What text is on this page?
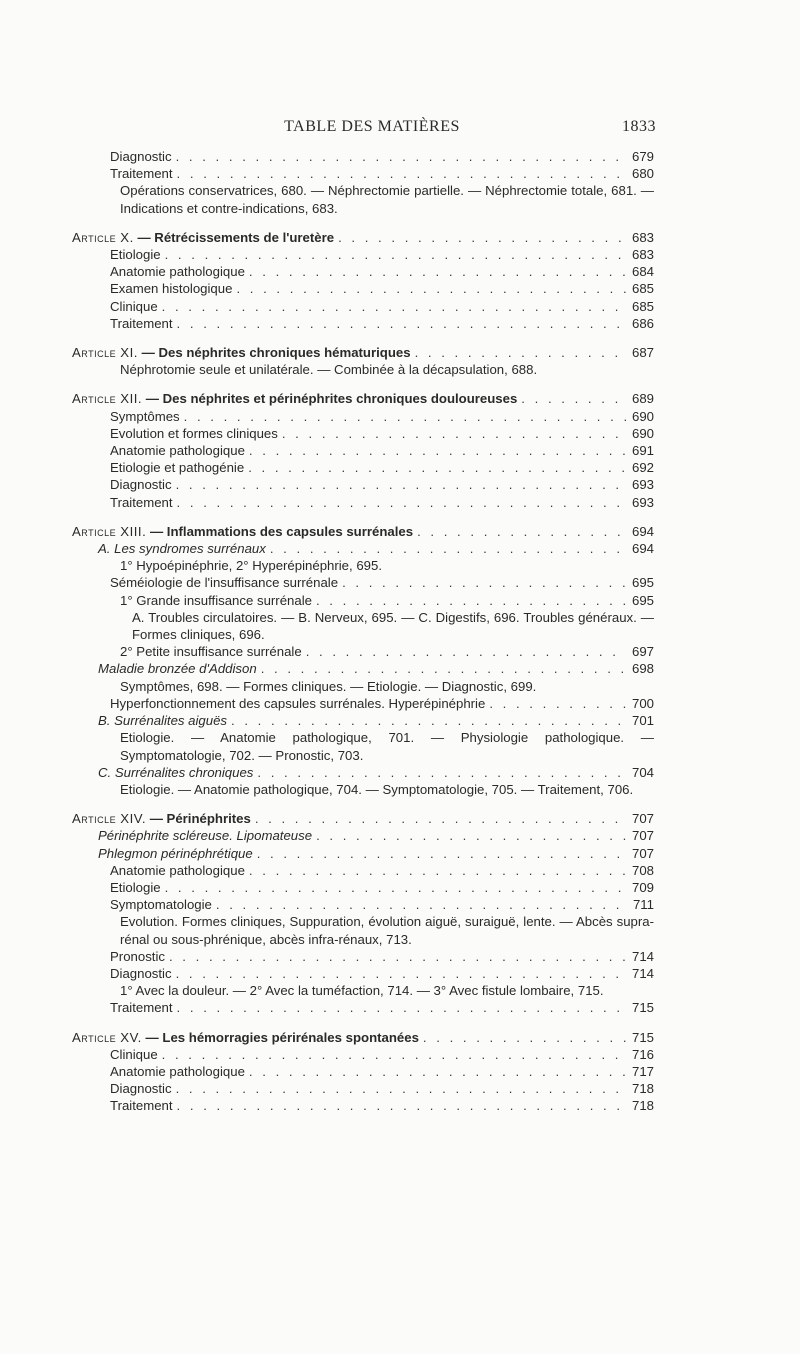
TABLE DES MATIÈRES	1833
Diagnostic . . .	679
Traitement . . .	680
Opérations conservatrices, 680. — Néphrectomie partielle. — Néphrectomie totale, 681. — Indications et contre-indications, 683.
Article X. — Rétrécissements de l'uretère . . .	683
Etiologie . . .	683
Anatomie pathologique . . .	684
Examen histologique . . .	685
Clinique . . .	685
Traitement . . .	686
Article XI. — Des néphrites chroniques hématuriques . . .	687
Néphrotomie seule et unilatérale. — Combinée à la décapsulation, 688.
Article XII. — Des néphrites et périnéphrites chroniques douloureuses . . .	689
Symptômes . . .	690
Evolution et formes cliniques . . .	690
Anatomie pathologique . . .	691
Etiologie et pathogénie . . .	692
Diagnostic . . .	693
Traitement . . .	693
Article XIII. — Inflammations des capsules surrénales . . .	694
A. Les syndromes surrénaux . . .	694
1° Hypoépinéphrie, 2° Hyperépinéphrie, 695.
Séméiologie de l'insuffisance surrénale . . .	695
1° Grande insuffisance surrénale . . .	695
A. Troubles circulatoires. — B. Nerveux, 695. — C. Digestifs, 696. Troubles généraux. — Formes cliniques, 696.
2° Petite insuffisance surrénale . . .	697
Maladie bronzée d'Addison . . .	698
Symptômes, 698. — Formes cliniques. — Etiologie. — Diagnostic, 699.
Hyperfonctionnement des capsules surrénales. Hyperépinéphrie . . .	700
B. Surrénalites aiguës . . .	701
Etiologie. — Anatomie pathologique, 701. — Physiologie pathologique. — Symptomatologie, 702. — Pronostic, 703.
C. Surrénalites chroniques . . .	704
Etiologie. — Anatomie pathologique, 704. — Symptomatologie, 705. — Traitement, 706.
Article XIV. — Périnéphrites . . .	707
Périnéphrite scléreuse. Lipomateuse . . .	707
Phlegmon périnéphrétique . . .	707
Anatomie pathologique . . .	708
Etiologie . . .	709
Symptomatologie . . .	711
Evolution. Formes cliniques, Suppuration, évolution aiguë, suraiguë, lente. — Abcès supra-rénal ou sous-phrénique, abcès infra-rénaux, 713.
Pronostic . . .	714
Diagnostic . . .	714
1° Avec la douleur. — 2° Avec la tuméfaction, 714. — 3° Avec fistule lombaire, 715.
Traitement . . .	715
Article XV. — Les hémorragies périrénales spontanées . . .	715
Clinique . . .	716
Anatomie pathologique . . .	717
Diagnostic . . .	718
Traitement . . .	718
